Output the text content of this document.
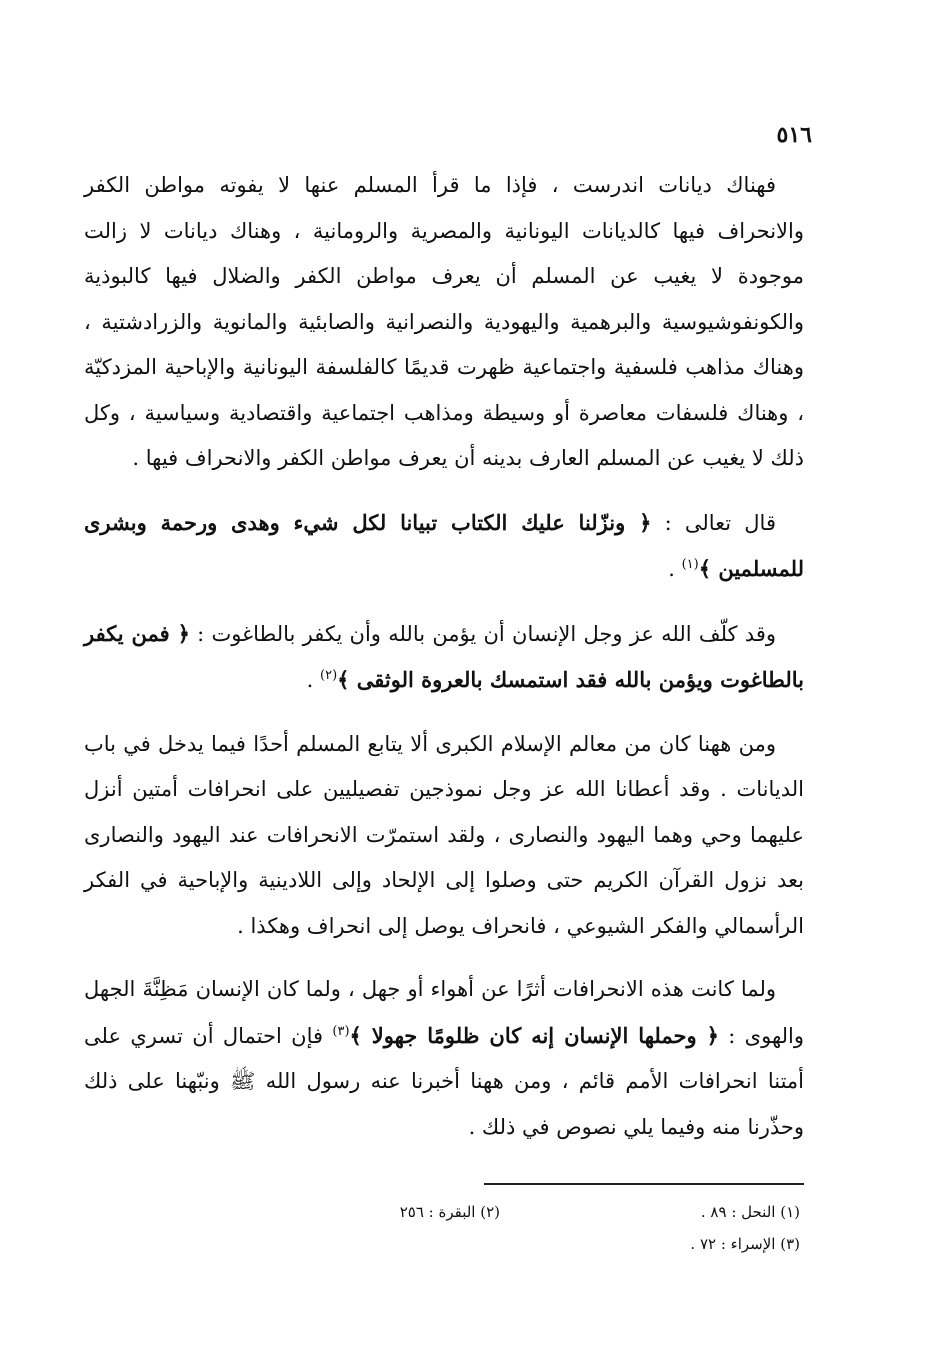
٥١٦

فهناك ديانات اندرست ، فإذا ما قرأ المسلم عنها لا يفوته مواطن الكفر والانحراف فيها كالديانات اليونانية والمصرية والرومانية ، وهناك ديانات لا زالت موجودة لا يغيب عن المسلم أن يعرف مواطن الكفر والضلال فيها كالبوذية والكونفوشيوسية والبرهمية واليهودية والنصرانية والصابئية والمانوية والزرادشتية ، وهناك مذاهب فلسفية واجتماعية ظهرت قديمًا كالفلسفة اليونانية والإباحية المزدكيّة ، وهناك فلسفات معاصرة أو وسيطة ومذاهب اجتماعية واقتصادية وسياسية ، وكل ذلك لا يغيب عن المسلم العارف بدينه أن يعرف مواطن الكفر والانحراف فيها .

قال تعالى : ﴿ ونزّلنا عليك الكتاب تبيانا لكل شيء وهدى ورحمة وبشرى للمسلمين ﴾$^{(١)}$ .

وقد كلّف الله عز وجل الإنسان أن يؤمن بالله وأن يكفر بالطاغوت : ﴿ فمن يكفر بالطاغوت ويؤمن بالله فقد استمسك بالعروة الوثقى ﴾$^{(٢)}$ .

ومن ههنا كان من معالم الإسلام الكبرى ألا يتابع المسلم أحدًا فيما يدخل في باب الديانات . وقد أعطانا الله عز وجل نموذجين تفصيليين على انحرافات أمتين أنزل عليهما وحي وهما اليهود والنصارى ، ولقد استمرّت الانحرافات عند اليهود والنصارى بعد نزول القرآن الكريم حتى وصلوا إلى الإلحاد وإلى اللادينية والإباحية في الفكر الرأسمالي والفكر الشيوعي ، فانحراف يوصل إلى انحراف وهكذا .

ولما كانت هذه الانحرافات أثرًا عن أهواء أو جهل ، ولما كان الإنسان مَظِنَّةَ الجهل والهوى : ﴿ وحملها الإنسان إنه كان ظلومًا جهولا ﴾$^{(٣)}$ فإن احتمال أن تسري على أمتنا انحرافات الأمم قائم ، ومن ههنا أخبرنا عنه رسول الله ﷺ ونبّهنا على ذلك وحذّرنا منه وفيما يلي نصوص في ذلك .

(١) النحل : ٨٩ .
(٢) البقرة : ٢٥٦
(٣) الإسراء : ٧٢ .
